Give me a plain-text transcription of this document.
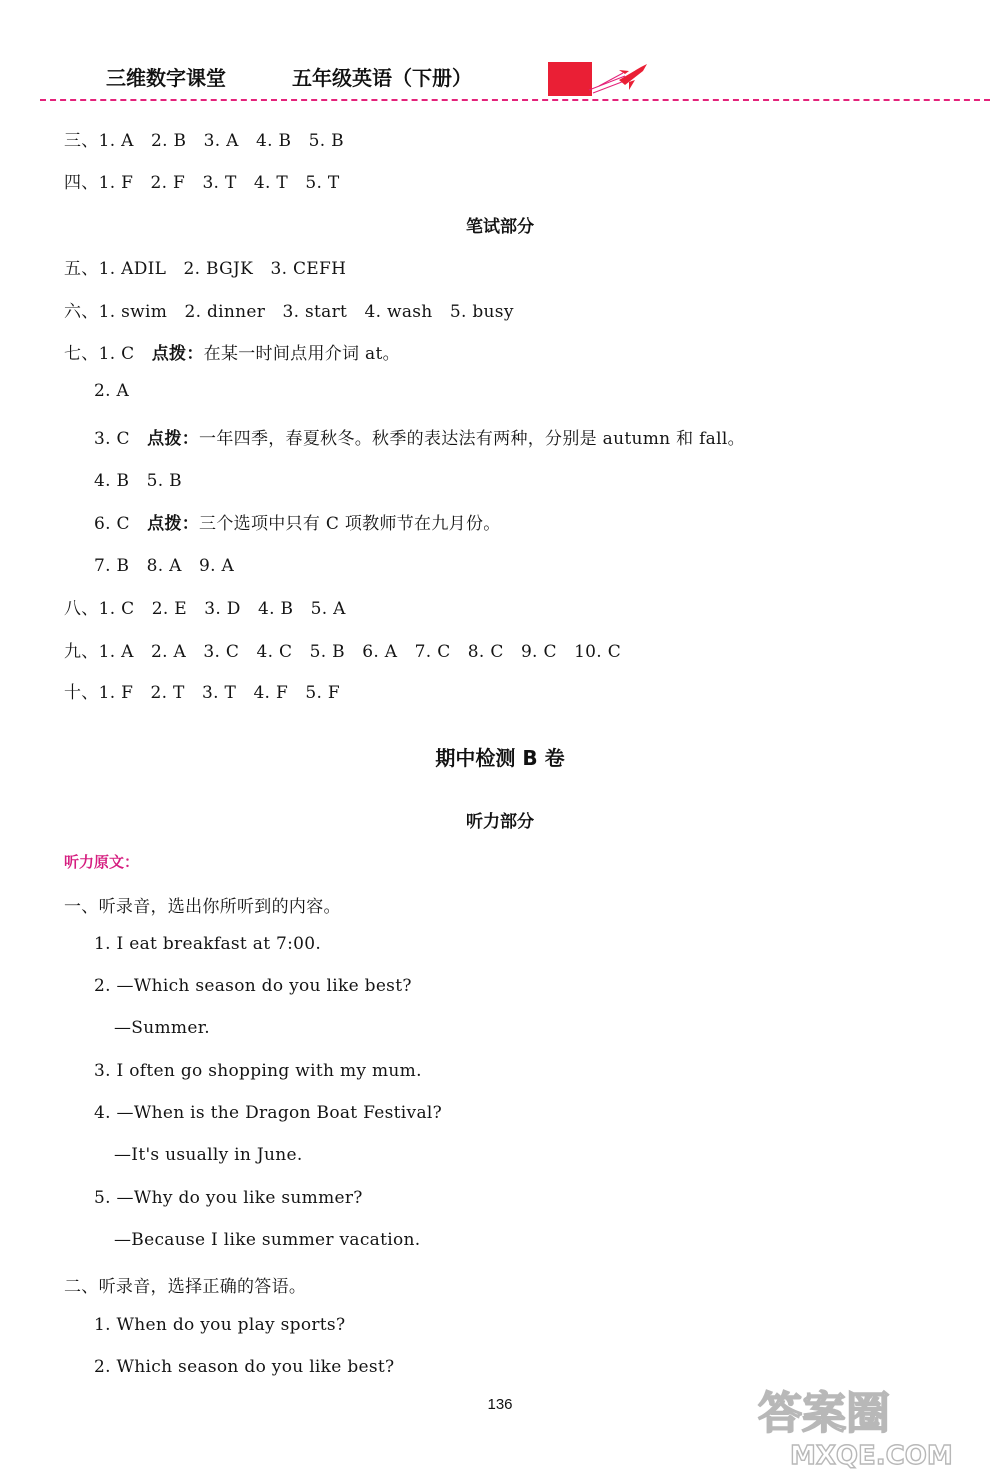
三维数字课堂	五年级英语（下册）
三、1. A　2. B　3. A　4. B　5. B
四、1. F　2. F　3. T　4. T　5. T
笔试部分
五、1. ADIL　2. BGJK　3. CEFH
六、1. swim　2. dinner　3. start　4. wash　5. busy
七、1. C　点拨：在某一时间点用介词 at。
2. A
3. C　点拨：一年四季，春夏秋冬。秋季的表达法有两种，分别是 autumn 和 fall。
4. B　5. B
6. C　点拨：三个选项中只有 C 项教师节在九月份。
7. B　8. A　9. A
八、1. C　2. E　3. D　4. B　5. A
九、1. A　2. A　3. C　4. C　5. B　6. A　7. C　8. C　9. C　10. C
十、1. F　2. T　3. T　4. F　5. F
期中检测 B 卷
听力部分
听力原文：
一、听录音，选出你所听到的内容。
1. I eat breakfast at 7:00.
2. —Which season do you like best?
—Summer.
3. I often go shopping with my mum.
4. —When is the Dragon Boat Festival?
—It's usually in June.
5. —Why do you like summer?
—Because I like summer vacation.
二、听录音，选择正确的答语。
1. When do you play sports?
2. Which season do you like best?
136	答案圈
MXQE.COM
